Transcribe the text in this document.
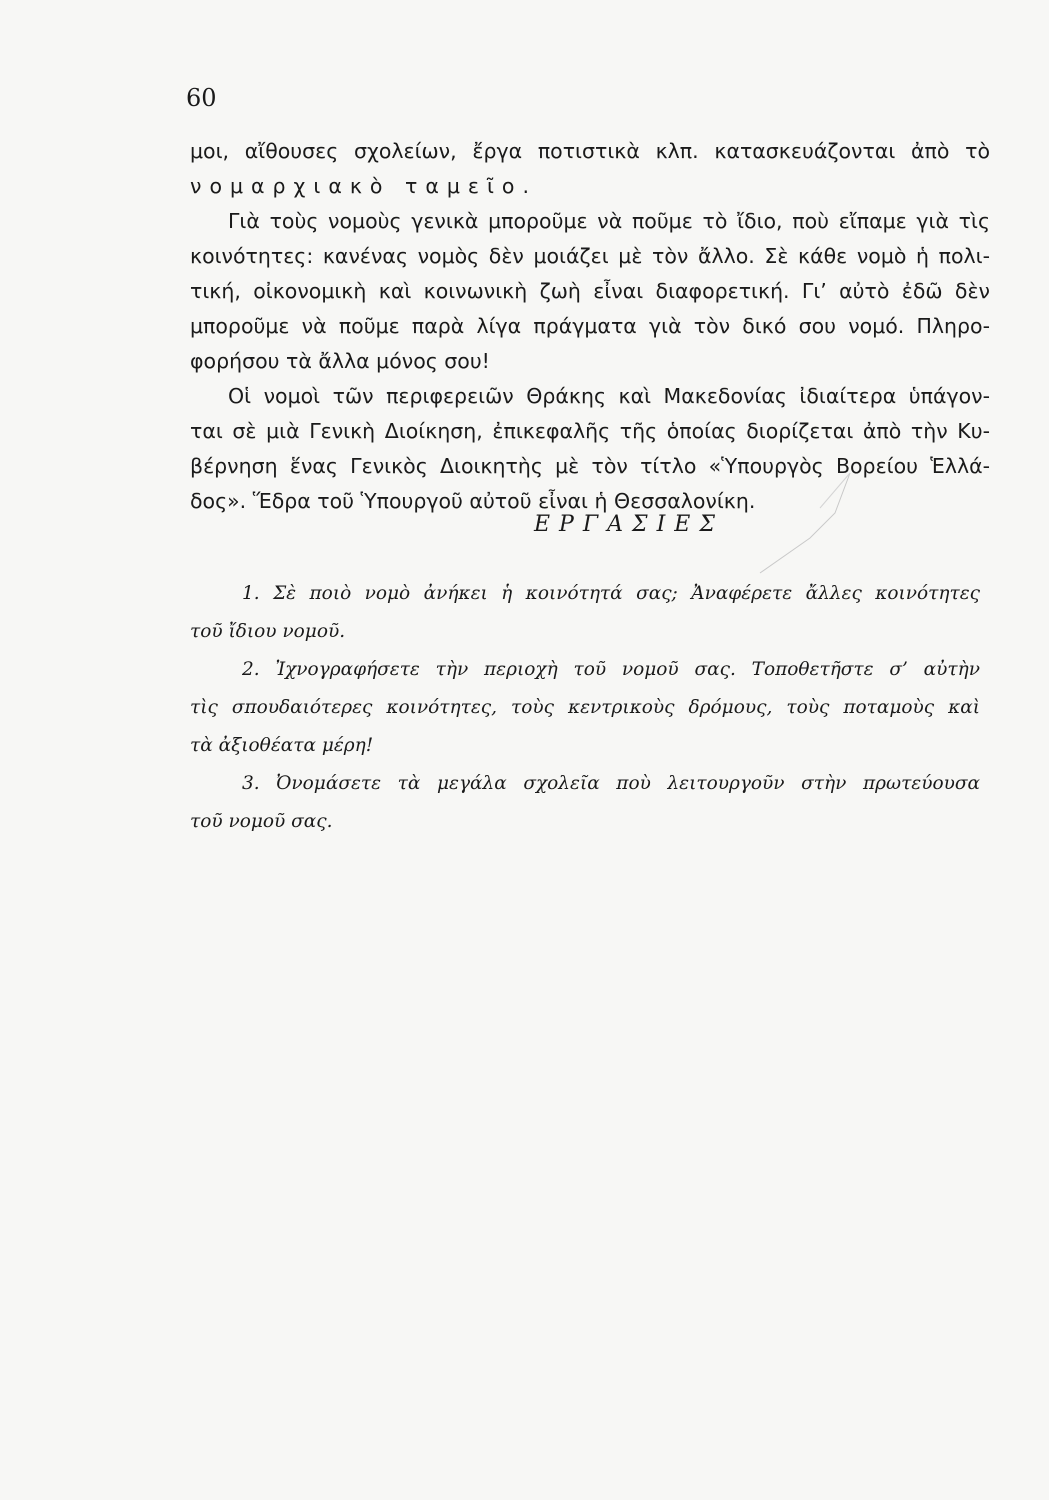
60
μοι, αἴθουσες σχολείων, ἔργα ποτιστικὰ κλπ. κατασκευάζονται ἀπὸ τὸ
νομαρχιακὸ ταμεῖο.
Γιὰ τοὺς νομοὺς γενικὰ μποροῦμε νὰ ποῦμε τὸ ἴδιο, ποὺ εἴπαμε γιὰ τὶς
κοινότητες: κανένας νομὸς δὲν μοιάζει μὲ τὸν ἄλλο. Σὲ κάθε νομὸ ἡ πολι-
τική, οἰκονομικὴ καὶ κοινωνικὴ ζωὴ εἶναι διαφορετική. Γι’ αὐτὸ ἐδῶ δὲν
μποροῦμε νὰ ποῦμε παρὰ λίγα πράγματα γιὰ τὸν δικό σου νομό. Πληρο-
φορήσου τὰ ἄλλα μόνος σου!
Οἱ νομοὶ τῶν περιφερειῶν Θράκης καὶ Μακεδονίας ἰδιαίτερα ὑπάγον-
ται σὲ μιὰ Γενικὴ Διοίκηση, ἐπικεφαλῆς τῆς ὁποίας διορίζεται ἀπὸ τὴν Κυ-
βέρνηση ἕνας Γενικὸς Διοικητὴς μὲ τὸν τίτλο «Ὑπουργὸς Βορείου Ἑλλά-
δος». Ἕδρα τοῦ Ὑπουργοῦ αὐτοῦ εἶναι ἡ Θεσσαλονίκη.
ΕΡΓΑΣΙΕΣ
1. Σὲ ποιὸ νομὸ ἀνήκει ἡ κοινότητά σας; Ἀναφέρετε ἄλλες κοινότητες
τοῦ ἴδιου νομοῦ.
2. Ἰχνογραφήσετε τὴν περιοχὴ τοῦ νομοῦ σας. Τοποθετῆστε σ’ αὐτὴν
τὶς σπουδαιότερες κοινότητες, τοὺς κεντρικοὺς δρόμους, τοὺς ποταμοὺς καὶ
τὰ ἀξιοθέατα μέρη!
3. Ὀνομάσετε τὰ μεγάλα σχολεῖα ποὺ λειτουργοῦν στὴν πρωτεύουσα
τοῦ νομοῦ σας.
